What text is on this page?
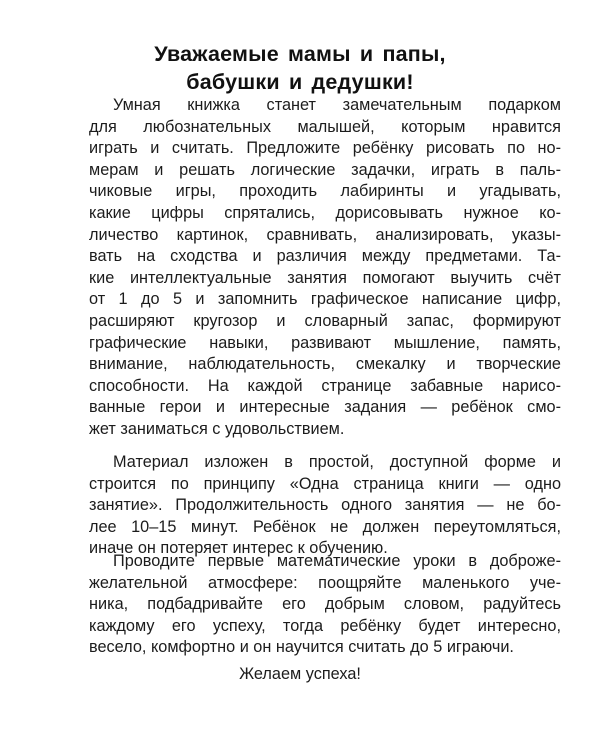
Уважаемые мамы и папы,
бабушки и дедушки!
Умная книжка станет замечательным подарком
для любознательных малышей, которым нравится
играть и считать. Предложите ребёнку рисовать по но-
мерам и решать логические задачки, играть в паль-
чиковые игры, проходить лабиринты и угадывать,
какие цифры спрятались, дорисовывать нужное ко-
личество картинок, сравнивать, анализировать, указы-
вать на сходства и различия между предметами. Та-
кие интеллектуальные занятия помогают выучить счёт
от 1 до 5 и запомнить графическое написание цифр,
расширяют кругозор и словарный запас, формируют
графические навыки, развивают мышление, память,
внимание, наблюдательность, смекалку и творческие
способности. На каждой странице забавные нарисо-
ванные герои и интересные задания — ребёнок смо-
жет заниматься с удовольствием.
Материал изложен в простой, доступной форме и
строится по принципу «Одна страница книги — одно
занятие». Продолжительность одного занятия — не бо-
лее 10–15 минут. Ребёнок не должен переутомляться,
иначе он потеряет интерес к обучению.
Проводите первые математические уроки в доброже-
желательной атмосфере: поощряйте маленького уче-
ника, подбадривайте его добрым словом, радуйтесь
каждому его успеху, тогда ребёнку будет интересно,
весело, комфортно и он научится считать до 5 играючи.
Желаем успеха!
